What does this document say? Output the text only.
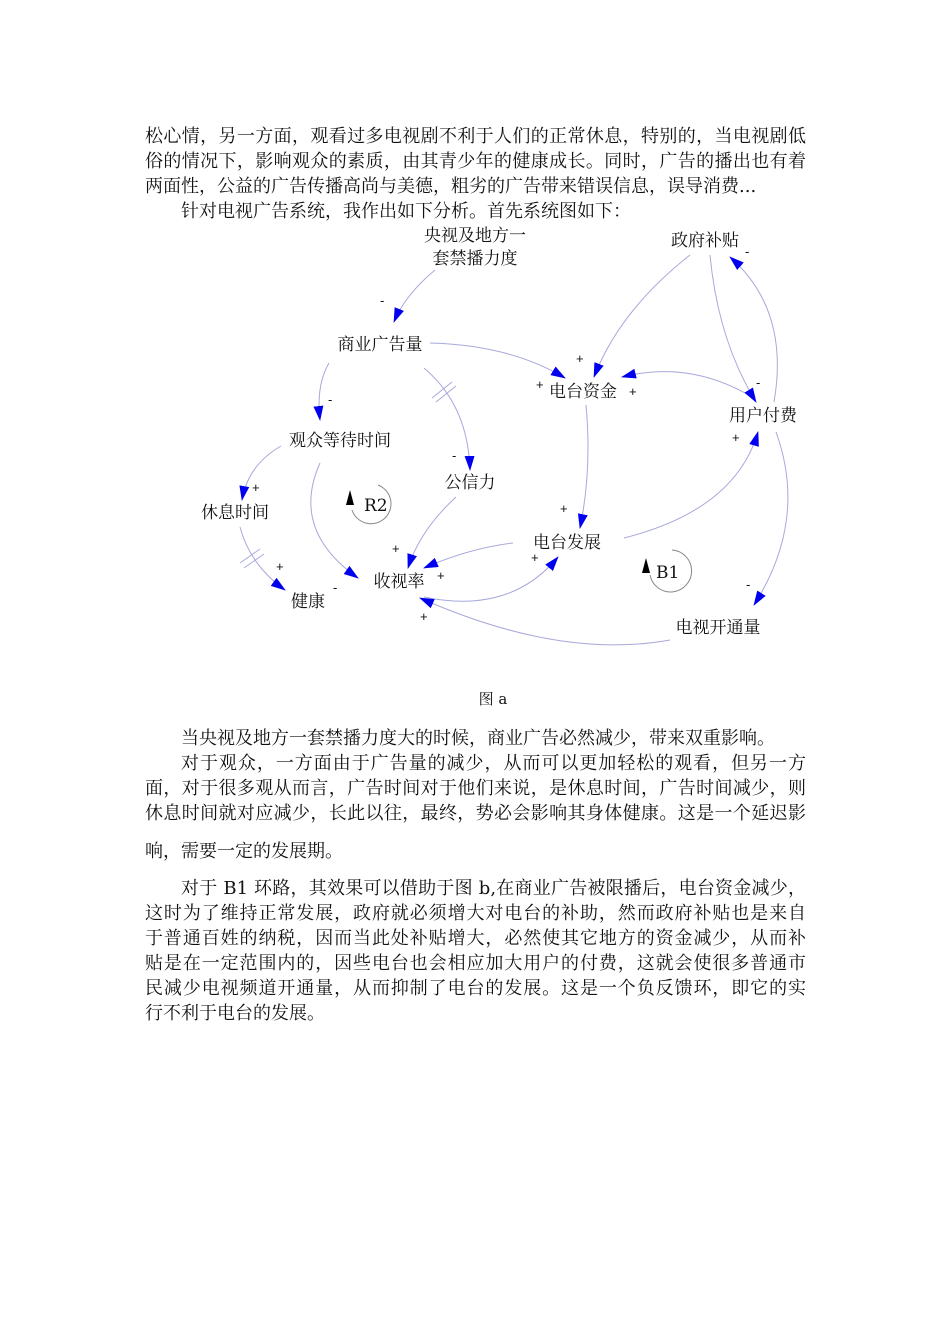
松心情，另一方面，观看过多电视剧不利于人们的正常休息，特别的，当电视剧低
俗的情况下，影响观众的素质，由其青少年的健康成长。同时，广告的播出也有着
两面性，公益的广告传播高尚与美德，粗劣的广告带来错误信息，误导消费...
针对电视广告系统，我作出如下分析。首先系统图如下：
R2
B1
央视及地方一
套禁播力度
政府补贴
商业广告量
电台资金
用户付费
观众等待时间
公信力
休息时间
电台发展
收视率
健康
电视开通量
-
+
+
+
-
-
-
-
+
-
+
+
+
+
+
+
-
+
图 a
当央视及地方一套禁播力度大的时候，商业广告必然减少，带来双重影响。
对于观众，一方面由于广告量的减少，从而可以更加轻松的观看，但另一方
面，对于很多观从而言，广告时间对于他们来说，是休息时间，广告时间减少，则
休息时间就对应减少，长此以往，最终，势必会影响其身体健康。这是一个延迟影
响，需要一定的发展期。
对于 B1 环路，其效果可以借助于图 b,在商业广告被限播后，电台资金减少，
这时为了维持正常发展，政府就必须增大对电台的补助，然而政府补贴也是来自
于普通百姓的纳税，因而当此处补贴增大，必然使其它地方的资金减少，从而补
贴是在一定范围内的，因些电台也会相应加大用户的付费，这就会使很多普通市
民减少电视频道开通量，从而抑制了电台的发展。这是一个负反馈环，即它的实
行不利于电台的发展。
